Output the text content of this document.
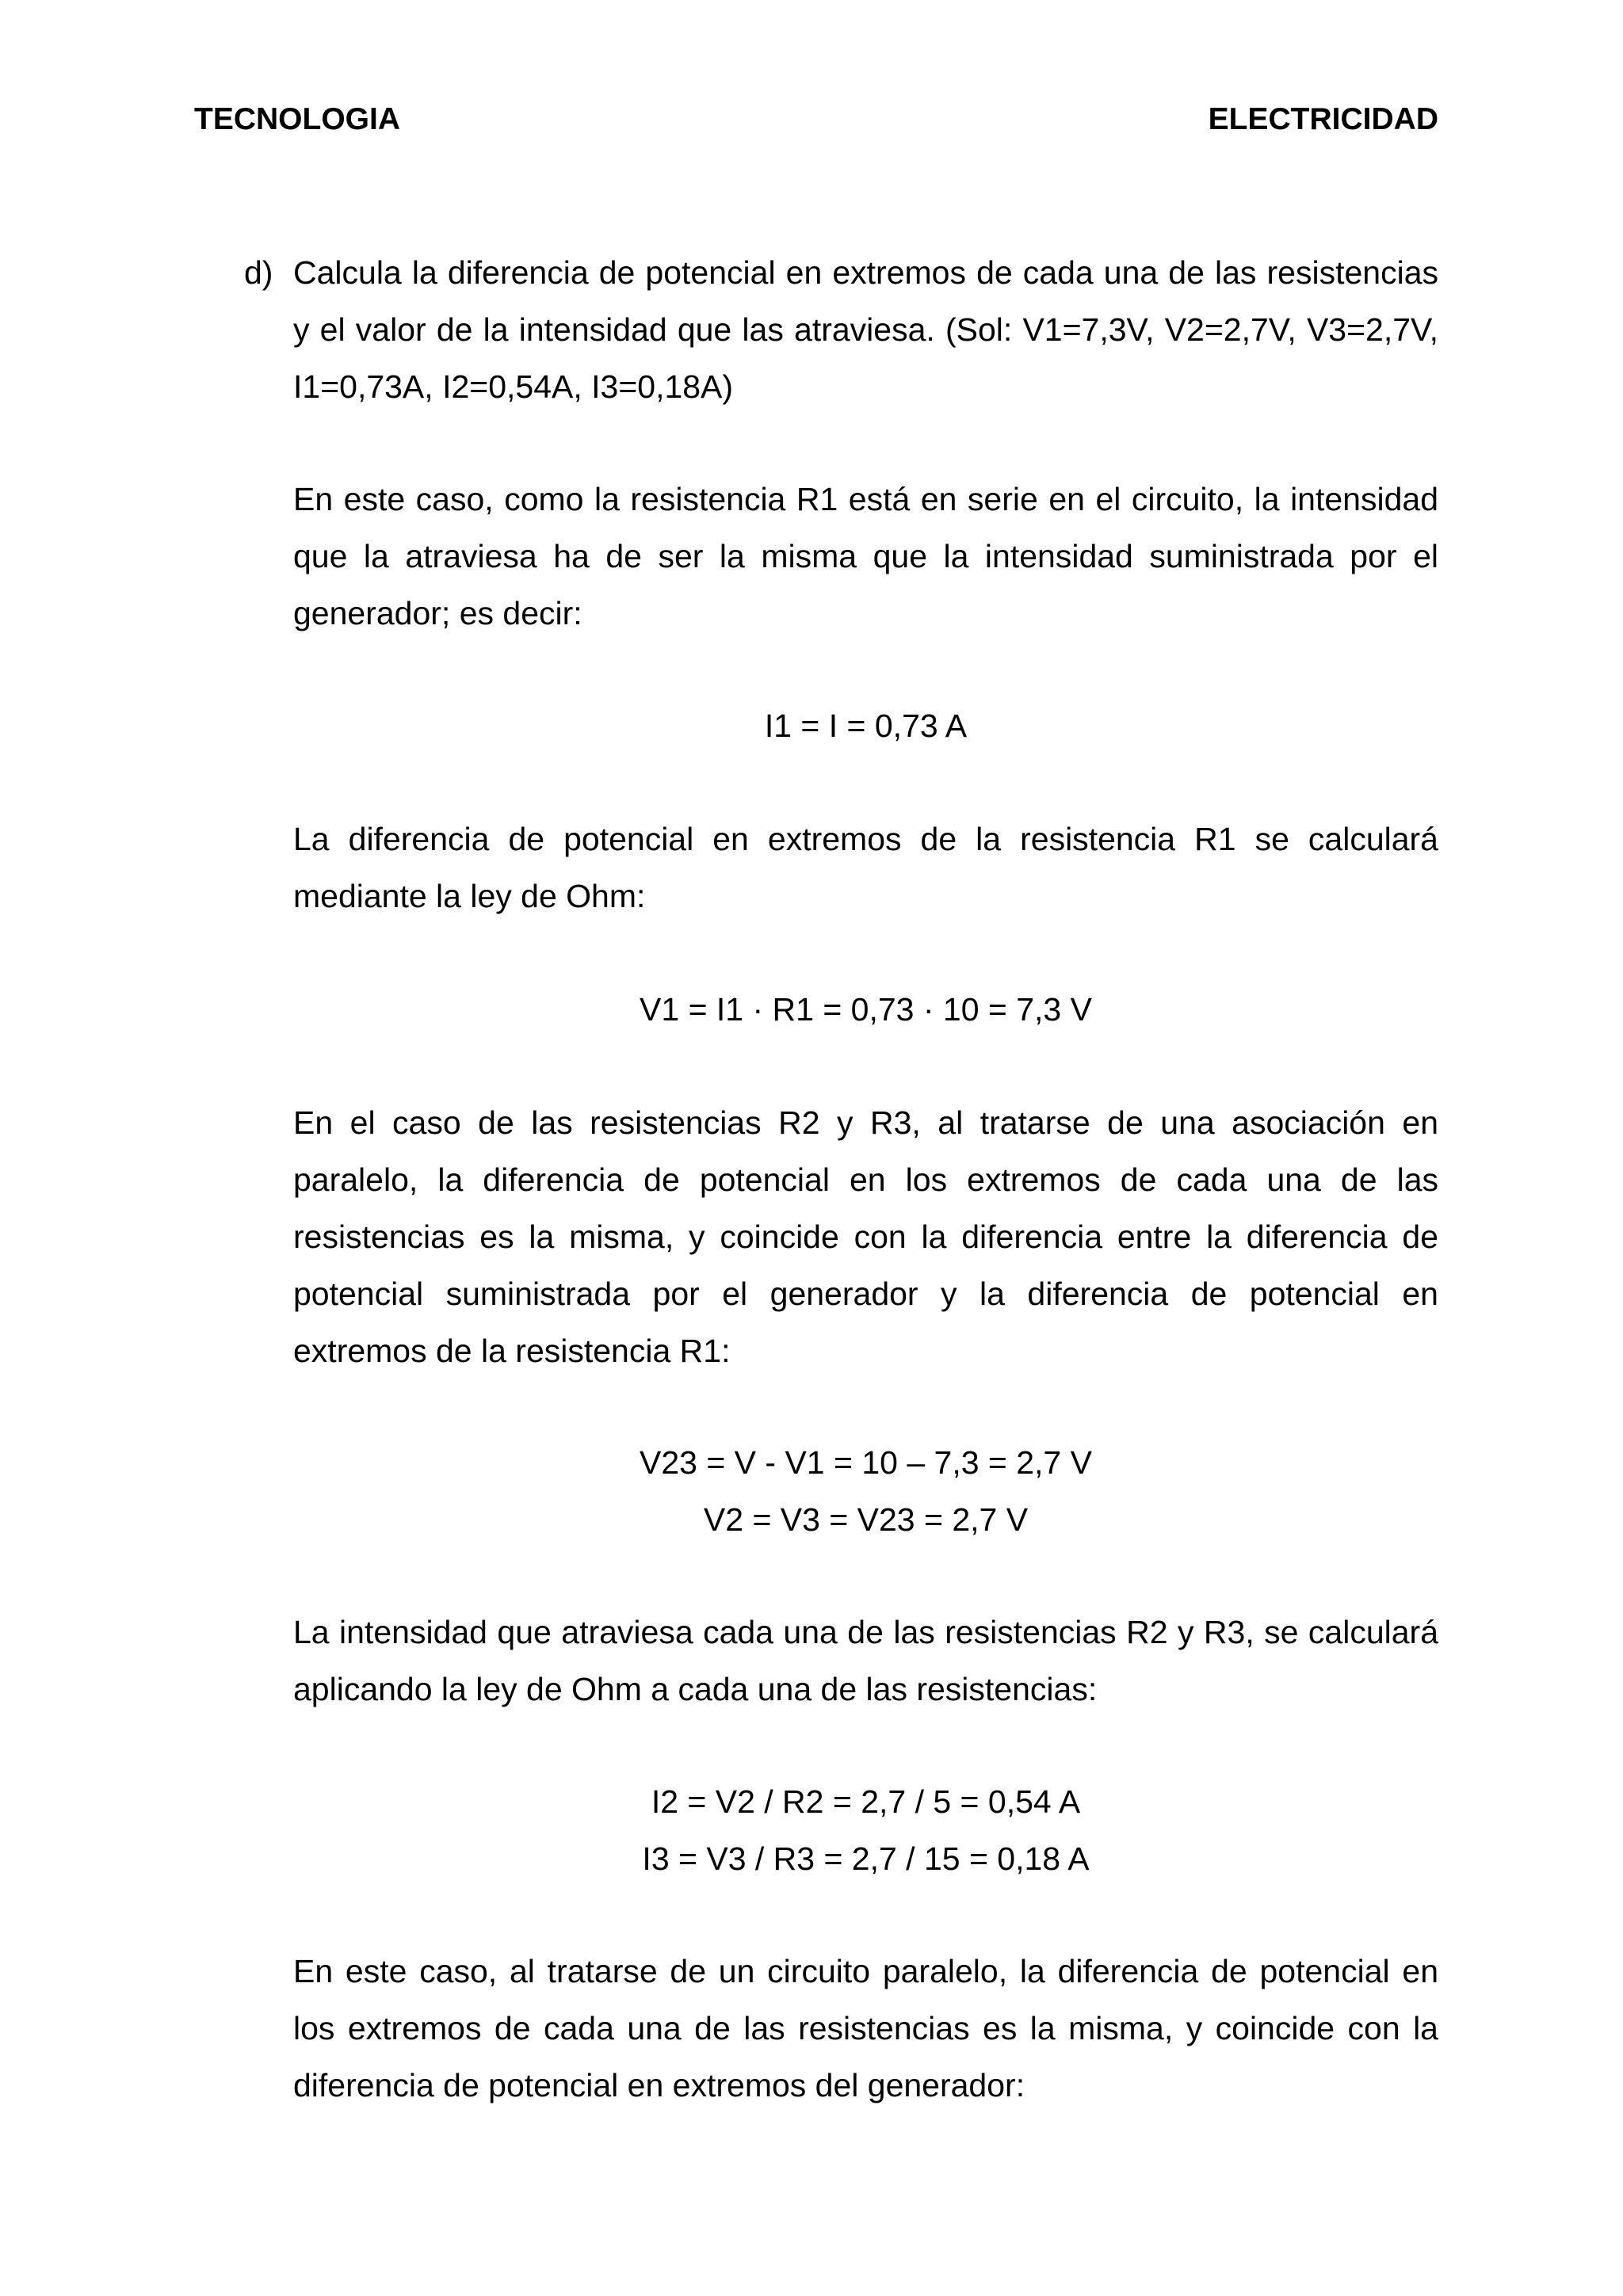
TECNOLOGIA	ELECTRICIDAD
d) Calcula la diferencia de potencial en extremos de cada una de las resistencias y el valor de la intensidad que las atraviesa. (Sol: V1=7,3V, V2=2,7V, V3=2,7V, I1=0,73A, I2=0,54A, I3=0,18A)
En este caso, como la resistencia R1 está en serie en el circuito, la intensidad que la atraviesa ha de ser la misma que la intensidad suministrada por el generador; es decir:
I1 = I = 0,73 A
La diferencia de potencial en extremos de la resistencia R1 se calculará mediante la ley de Ohm:
V1 = I1 · R1 = 0,73 · 10 = 7,3 V
En el caso de las resistencias R2 y R3, al tratarse de una asociación en paralelo, la diferencia de potencial en los extremos de cada una de las resistencias es la misma, y coincide con la diferencia entre la diferencia de potencial suministrada por el generador y la diferencia de potencial en extremos de la resistencia R1:
V23 = V - V1 = 10 – 7,3 = 2,7 V
V2 = V3 = V23 = 2,7 V
La intensidad que atraviesa cada una de las resistencias R2 y R3, se calculará aplicando la ley de Ohm a cada una de las resistencias:
I2 = V2 / R2 = 2,7 / 5 = 0,54 A
I3 = V3 / R3 = 2,7 / 15 = 0,18 A
En este caso, al tratarse de un circuito paralelo, la diferencia de potencial en los extremos de cada una de las resistencias es la misma, y coincide con la diferencia de potencial en extremos del generador:
